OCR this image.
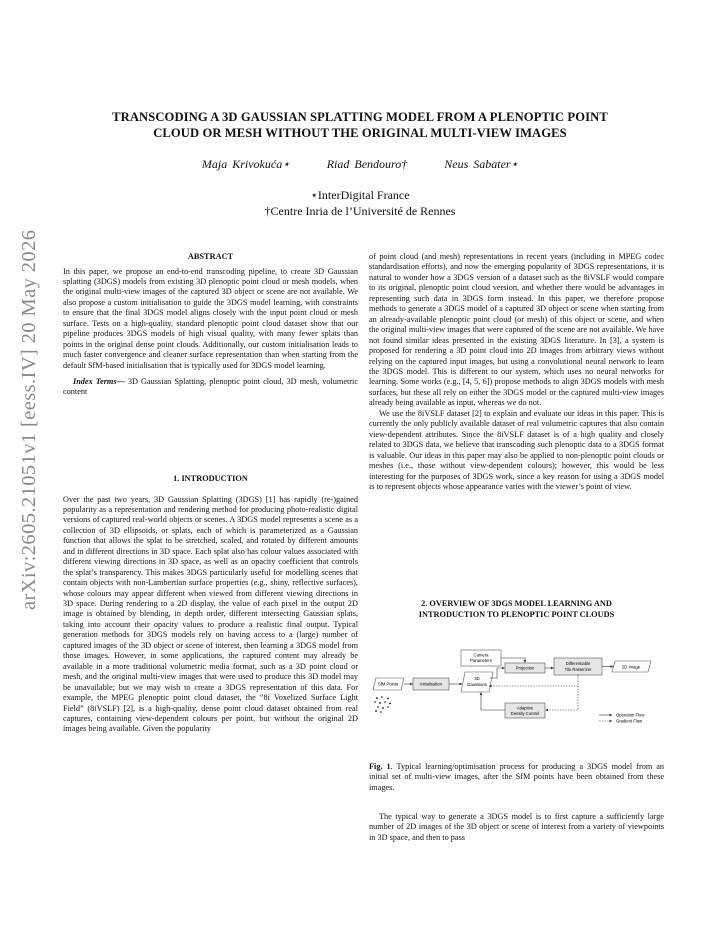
arXiv:2605.21051v1 [eess.IV] 20 May 2026
TRANSCODING A 3D GAUSSIAN SPLATTING MODEL FROM A PLENOPTIC POINT
CLOUD OR MESH WITHOUT THE ORIGINAL MULTI-VIEW IMAGES
Maja Krivokuća⋆	Riad Bendouro†	Neus Sabater⋆
⋆InterDigital France
†Centre Inria de l’Université de Rennes
ABSTRACT

In this paper, we propose an end-to-end transcoding pipeline, to create 3D Gaussian splatting (3DGS) models from existing 3D plenoptic point cloud or mesh models, when the original multi-view images of the captured 3D object or scene are not available. We also propose a custom initialisation to guide the 3DGS model learning, with constraints to ensure that the final 3DGS model aligns closely with the input point cloud or mesh surface. Tests on a high-quality, standard plenoptic point cloud dataset show that our pipeline produces 3DGS models of high visual quality, with many fewer splats than points in the original dense point clouds. Additionally, our custom initialisation leads to much faster convergence and cleaner surface representation than when starting from the default SfM-based initialisation that is typically used for 3DGS model learning.

Index Terms— 3D Gaussian Splatting, plenoptic point cloud, 3D mesh, volumetric content

1. INTRODUCTION

Over the past two years, 3D Gaussian Splatting (3DGS) [1] has rapidly (re-)gained popularity as a representation and rendering method for producing photo-realistic digital versions of captured real-world objects or scenes. A 3DGS model represents a scene as a collection of 3D ellipsoids, or splats, each of which is parameterized as a Gaussian function that allows the splat to be stretched, scaled, and rotated by different amounts and in different directions in 3D space. Each splat also has colour values associated with different viewing directions in 3D space, as well as an opacity coefficient that controls the splat’s transparency. This makes 3DGS particularly useful for modelling scenes that contain objects with non-Lambertian surface properties (e.g., shiny, reflective surfaces), whose colours may appear different when viewed from different viewing directions in 3D space. During rendering to a 2D display, the value of each pixel in the output 2D image is obtained by blending, in depth order, different intersecting Gaussian splats, taking into account their opacity values to produce a realistic final output. Typical generation methods for 3DGS models rely on having access to a (large) number of captured images of the 3D object or scene of interest, then learning a 3DGS model from those images. However, in some applications, the captured content may already be available in a more traditional volumetric media format, such as a 3D point cloud or mesh, and the original multi-view images that were used to produce this 3D model may be unavailable; but we may wish to create a 3DGS representation of this data. For example, the MPEG plenoptic point cloud dataset, the “8i Voxelized Surface Light Field” (8iVSLF) [2], is a high-quality, dense point cloud dataset obtained from real captures, containing view-dependent colours per point, but without the original 2D images being available. Given the popularity

of point cloud (and mesh) representations in recent years (including in MPEG codec standardisation efforts), and now the emerging popularity of 3DGS representations, it is natural to wonder how a 3DGS version of a dataset such as the 8iVSLF would compare to its original, plenoptic point cloud version, and whether there would be advantages in representing such data in 3DGS form instead. In this paper, we therefore propose methods to generate a 3DGS model of a captured 3D object or scene when starting from an already-available plenoptic point cloud (or mesh) of this object or scene, and when the original multi-view images that were captured of the scene are not available. We have not found similar ideas presented in the existing 3DGS literature. In [3], a system is proposed for rendering a 3D point cloud into 2D images from arbitrary views without relying on the captured input images, but using a convolutional neural network to learn the 3DGS model. This is different to our system, which uses no neural networks for learning. Some works (e.g., [4, 5, 6]) propose methods to align 3DGS models with mesh surfaces, but these all rely on either the 3DGS model or the captured multi-view images already being available as input, whereas we do not.

We use the 8iVSLF dataset [2] to explain and evaluate our ideas in this paper. This is currently the only publicly available dataset of real volumetric captures that also contain view-dependent attributes. Since the 8iVSLF dataset is of a high quality and closely related to 3DGS data, we believe that transcoding such plenoptic data to a 3DGS format is valuable. Our ideas in this paper may also be applied to non-plenoptic point clouds or meshes (i.e., those without view-dependent colours); however, this would be less interesting for the purposes of 3DGS work, since a key reason for using a 3DGS model is to represent objects whose appearance varies with the viewer’s point of view.

2. OVERVIEW OF 3DGS MODEL LEARNING AND
INTRODUCTION TO PLENOPTIC POINT CLOUDS
Camera
Parameters
SfM Points	Initialisation
3D
Gaussians
Projection
Differentiable
Tile Rasterizer	2D Image
Adaptive
Density Control	Operation Flow
Gradient Flow
Fig. 1. Typical learning/optimisation process for producing a 3DGS model from an initial set of multi-view images, after the SfM points have been obtained from these images.
The typical way to generate a 3DGS model is to first capture a sufficiently large number of 2D images of the 3D object or scene of interest from a variety of viewpoints in 3D space, and then to pass
